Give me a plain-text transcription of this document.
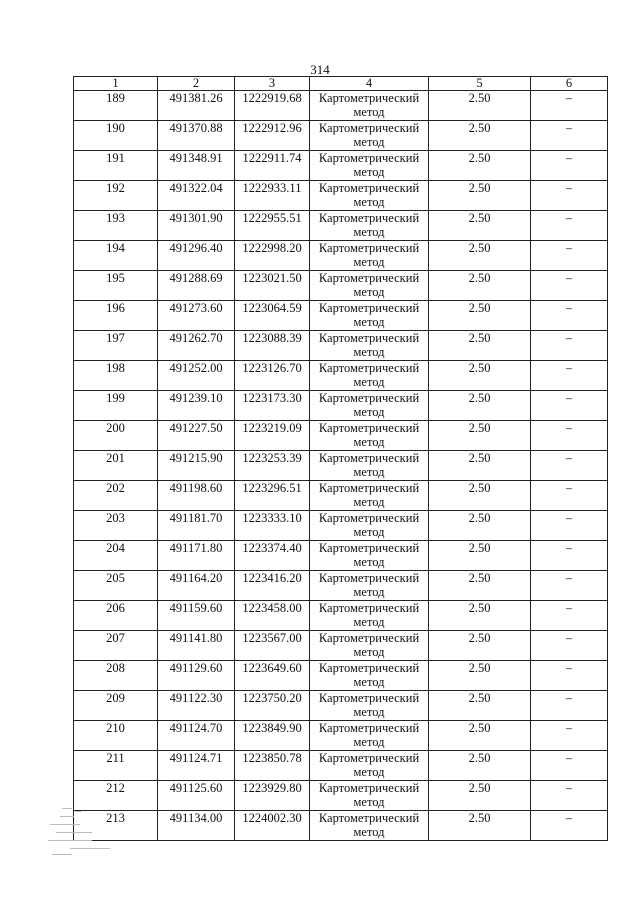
314
1	2	3	4	5	6
189	491381.26	1222919.68	Картометрический метод	2.50	–
190	491370.88	1222912.96	Картометрический метод	2.50	–
191	491348.91	1222911.74	Картометрический метод	2.50	–
192	491322.04	1222933.11	Картометрический метод	2.50	–
193	491301.90	1222955.51	Картометрический метод	2.50	–
194	491296.40	1222998.20	Картометрический метод	2.50	–
195	491288.69	1223021.50	Картометрический метод	2.50	–
196	491273.60	1223064.59	Картометрический метод	2.50	–
197	491262.70	1223088.39	Картометрический метод	2.50	–
198	491252.00	1223126.70	Картометрический метод	2.50	–
199	491239.10	1223173.30	Картометрический метод	2.50	–
200	491227.50	1223219.09	Картометрический метод	2.50	–
201	491215.90	1223253.39	Картометрический метод	2.50	–
202	491198.60	1223296.51	Картометрический метод	2.50	–
203	491181.70	1223333.10	Картометрический метод	2.50	–
204	491171.80	1223374.40	Картометрический метод	2.50	–
205	491164.20	1223416.20	Картометрический метод	2.50	–
206	491159.60	1223458.00	Картометрический метод	2.50	–
207	491141.80	1223567.00	Картометрический метод	2.50	–
208	491129.60	1223649.60	Картометрический метод	2.50	–
209	491122.30	1223750.20	Картометрический метод	2.50	–
210	491124.70	1223849.90	Картометрический метод	2.50	–
211	491124.71	1223850.78	Картометрический метод	2.50	–
212	491125.60	1223929.80	Картометрический метод	2.50	–
213	491134.00	1224002.30	Картометрический метод	2.50	–
